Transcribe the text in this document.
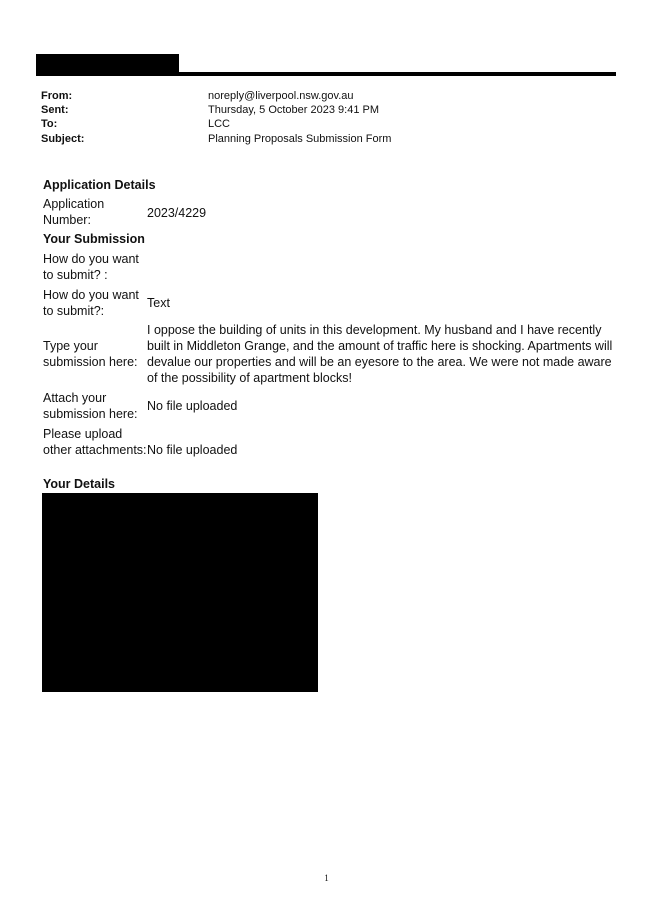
From:	noreply@liverpool.nsw.gov.au
Sent:	Thursday, 5 October 2023 9:41 PM
To:	LCC
Subject:	Planning Proposals Submission Form
Application Details
Application Number:	2023/4229
Your Submission
How do you want to submit? :
How do you want to submit?:
Text
Type your submission here:
I oppose the building of units in this development. My husband and I have recently built in Middleton Grange, and the amount of traffic here is shocking. Apartments will devalue our properties and will be an eyesore to the area. We were not made aware of the possibility of apartment blocks!
Attach your submission here:
No file uploaded
Please upload other attachments: No file uploaded
Your Details
1
